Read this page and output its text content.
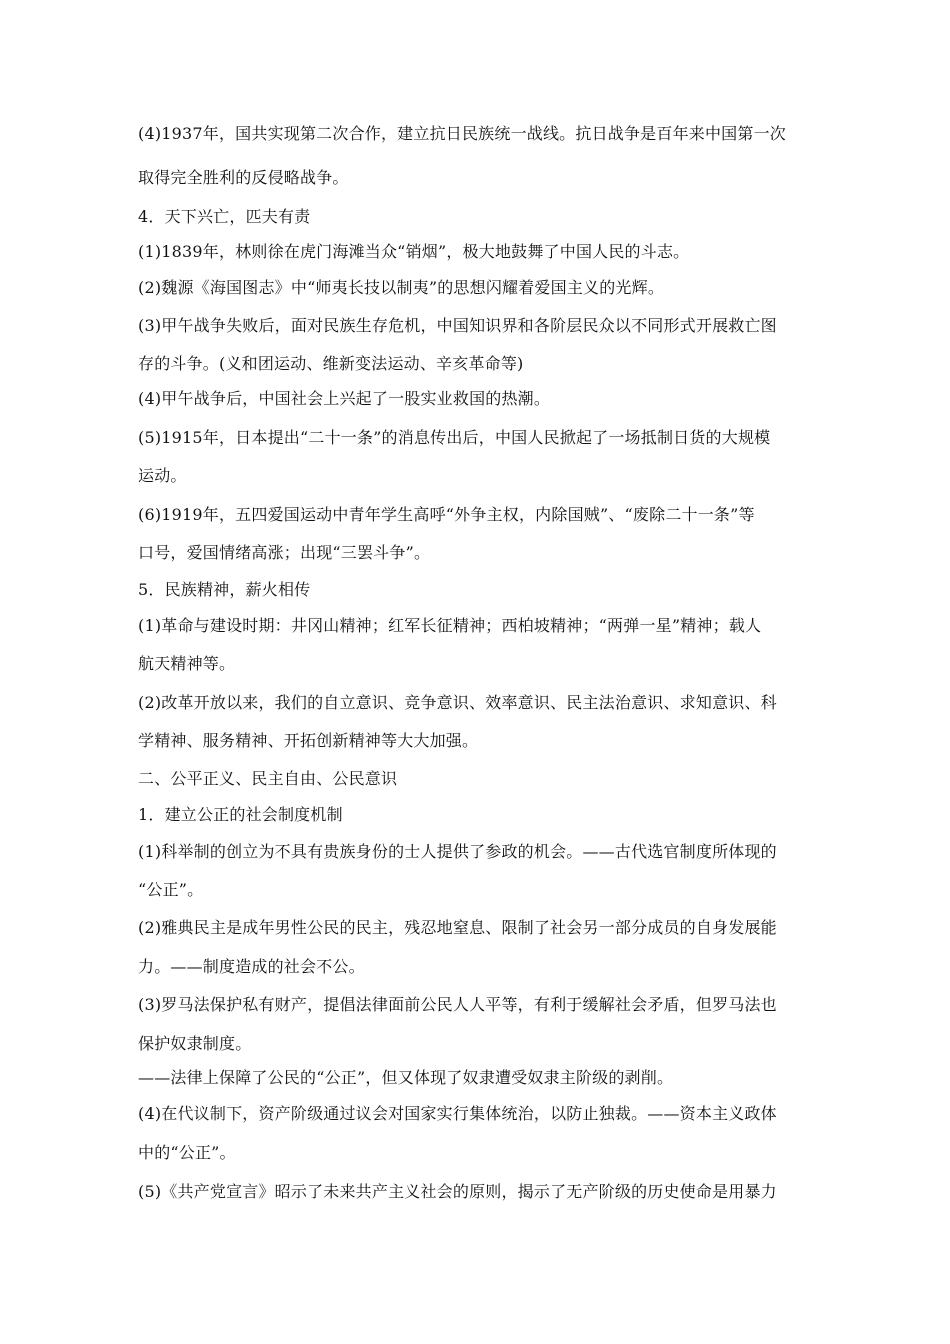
(4)1937年，国共实现第二次合作，建立抗日民族统一战线。抗日战争是百年来中国第一次
取得完全胜利的反侵略战争。
4．天下兴亡，匹夫有责
(1)1839年，林则徐在虎门海滩当众“销烟”，极大地鼓舞了中国人民的斗志。
(2)魏源《海国图志》中“师夷长技以制夷”的思想闪耀着爱国主义的光辉。
(3)甲午战争失败后，面对民族生存危机，中国知识界和各阶层民众以不同形式开展救亡图
存的斗争。(义和团运动、维新变法运动、辛亥革命等)
(4)甲午战争后，中国社会上兴起了一股实业救国的热潮。
(5)1915年，日本提出“二十一条”的消息传出后，中国人民掀起了一场抵制日货的大规模
运动。
(6)1919年，五四爱国运动中青年学生高呼“外争主权，内除国贼”、“废除二十一条”等
口号，爱国情绪高涨；出现“三罢斗争”。
5．民族精神，薪火相传
(1)革命与建设时期：井冈山精神；红军长征精神；西柏坡精神；“两弹一星”精神；载人
航天精神等。
(2)改革开放以来，我们的自立意识、竞争意识、效率意识、民主法治意识、求知意识、科
学精神、服务精神、开拓创新精神等大大加强。
二、公平正义、民主自由、公民意识
1．建立公正的社会制度机制
(1)科举制的创立为不具有贵族身份的士人提供了参政的机会。——古代选官制度所体现的
“公正”。
(2)雅典民主是成年男性公民的民主，残忍地窒息、限制了社会另一部分成员的自身发展能
力。——制度造成的社会不公。
(3)罗马法保护私有财产，提倡法律面前公民人人平等，有利于缓解社会矛盾，但罗马法也
保护奴隶制度。
——法律上保障了公民的“公正”，但又体现了奴隶遭受奴隶主阶级的剥削。
(4)在代议制下，资产阶级通过议会对国家实行集体统治，以防止独裁。——资本主义政体
中的“公正”。
(5)《共产党宣言》昭示了未来共产主义社会的原则，揭示了无产阶级的历史使命是用暴力
